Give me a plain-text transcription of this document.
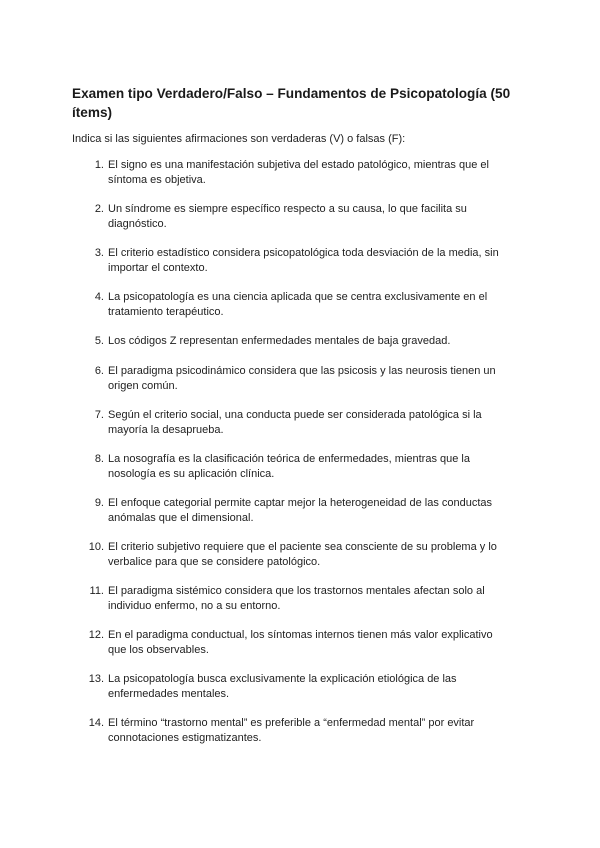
Examen tipo Verdadero/Falso – Fundamentos de Psicopatología (50 ítems)

Indica si las siguientes afirmaciones son verdaderas (V) o falsas (F):

1. El signo es una manifestación subjetiva del estado patológico, mientras que el síntoma es objetiva.
2. Un síndrome es siempre específico respecto a su causa, lo que facilita su diagnóstico.
3. El criterio estadístico considera psicopatológica toda desviación de la media, sin importar el contexto.
4. La psicopatología es una ciencia aplicada que se centra exclusivamente en el tratamiento terapéutico.
5. Los códigos Z representan enfermedades mentales de baja gravedad.
6. El paradigma psicodinámico considera que las psicosis y las neurosis tienen un origen común.
7. Según el criterio social, una conducta puede ser considerada patológica si la mayoría la desaprueba.
8. La nosografía es la clasificación teórica de enfermedades, mientras que la nosología es su aplicación clínica.
9. El enfoque categorial permite captar mejor la heterogeneidad de las conductas anómalas que el dimensional.
10. El criterio subjetivo requiere que el paciente sea consciente de su problema y lo verbalice para que se considere patológico.
11. El paradigma sistémico considera que los trastornos mentales afectan solo al individuo enfermo, no a su entorno.
12. En el paradigma conductual, los síntomas internos tienen más valor explicativo que los observables.
13. La psicopatología busca exclusivamente la explicación etiológica de las enfermedades mentales.
14. El término “trastorno mental” es preferible a “enfermedad mental” por evitar connotaciones estigmatizantes.
